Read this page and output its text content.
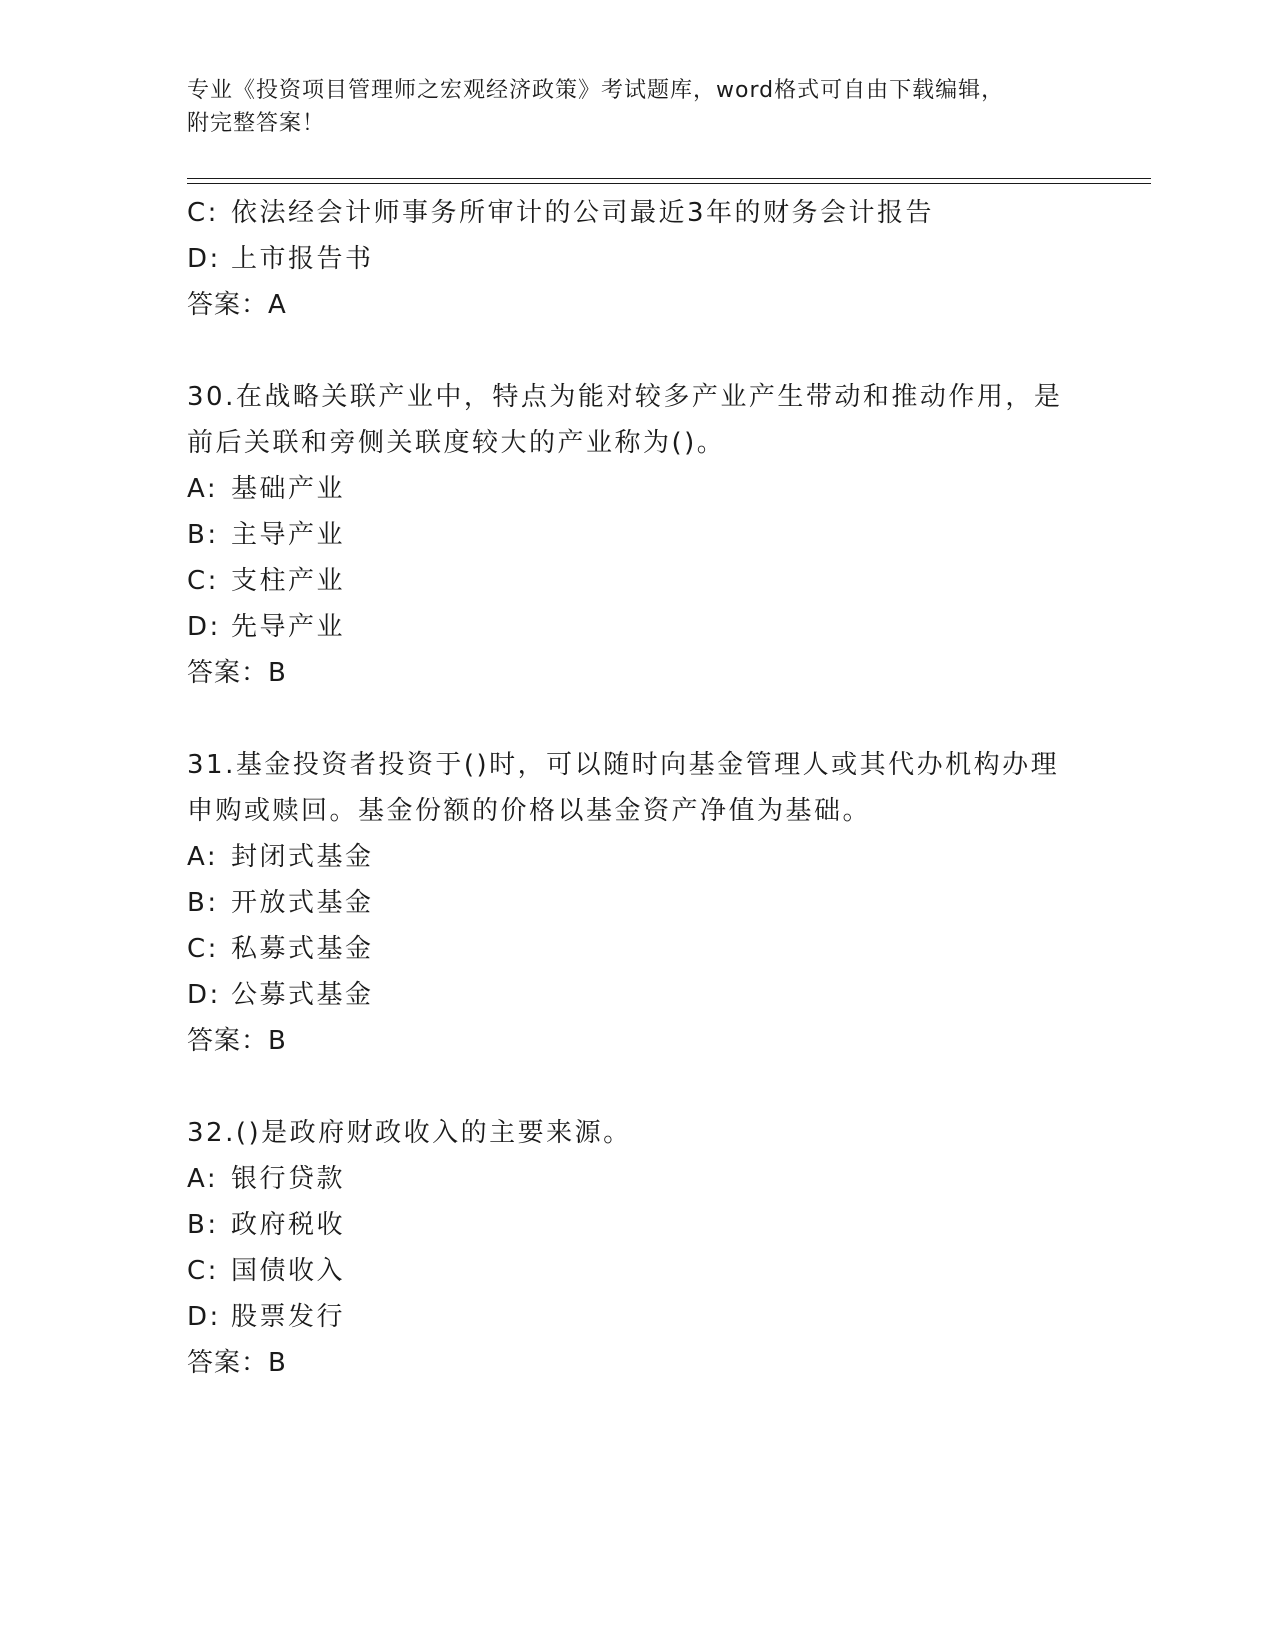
专业《投资项目管理师之宏观经济政策》考试题库，word格式可自由下载编辑，
附完整答案！
C: 依法经会计师事务所审计的公司最近3年的财务会计报告
D: 上市报告书
答案：A
30.在战略关联产业中，特点为能对较多产业产生带动和推动作用，是
前后关联和旁侧关联度较大的产业称为()。
A: 基础产业
B: 主导产业
C: 支柱产业
D: 先导产业
答案：B
31.基金投资者投资于()时，可以随时向基金管理人或其代办机构办理
申购或赎回。基金份额的价格以基金资产净值为基础。
A: 封闭式基金
B: 开放式基金
C: 私募式基金
D: 公募式基金
答案：B
32.()是政府财政收入的主要来源。
A: 银行贷款
B: 政府税收
C: 国债收入
D: 股票发行
答案：B
